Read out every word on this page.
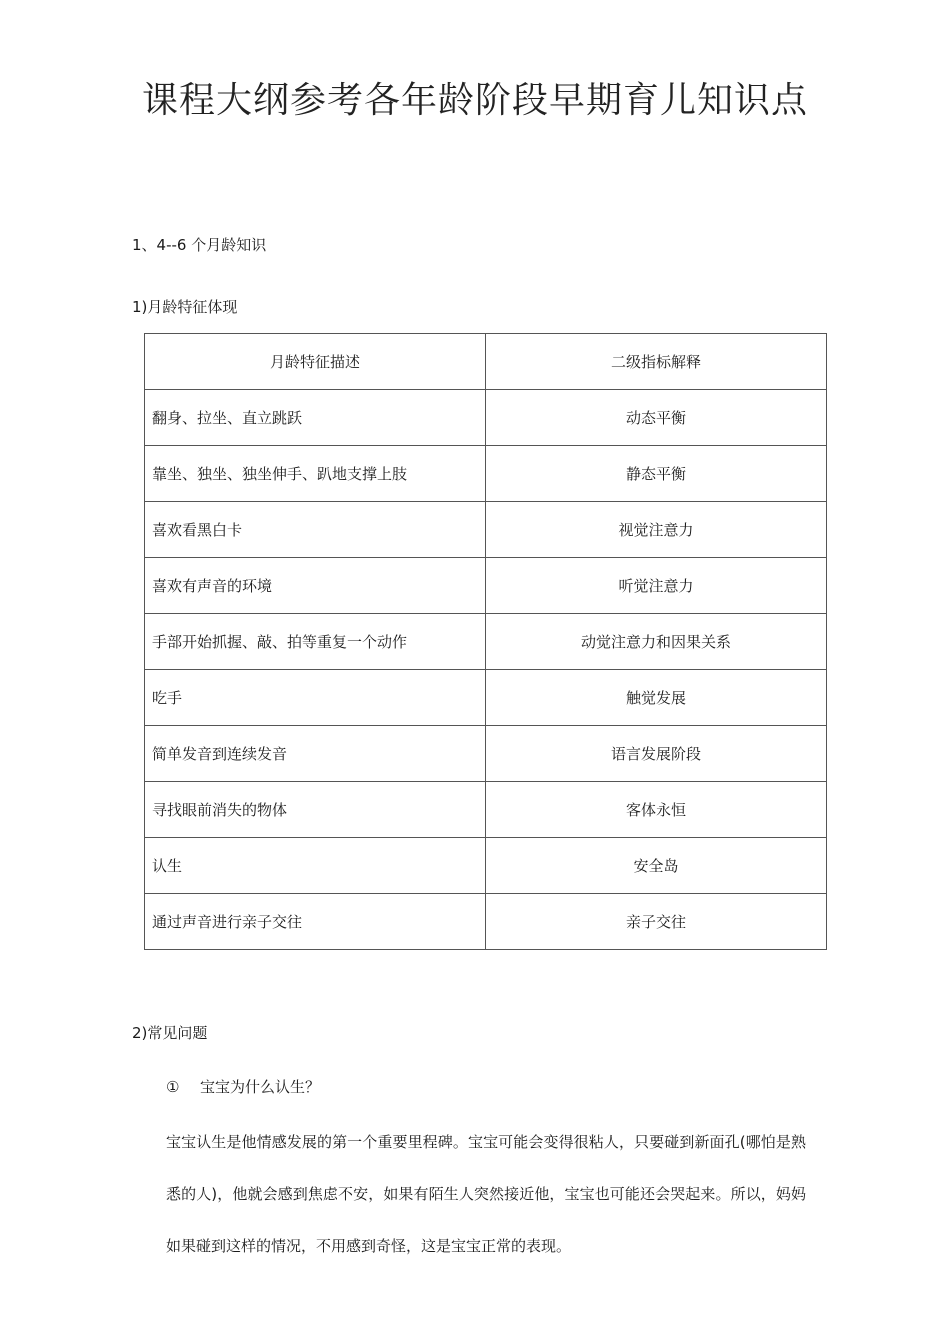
课程大纲参考各年龄阶段早期育儿知识点

1、4--6 个月龄知识

1)月龄特征体现

月龄特征描述	二级指标解释
翻身、拉坐、直立跳跃	动态平衡
靠坐、独坐、独坐伸手、趴地支撑上肢	静态平衡
喜欢看黑白卡	视觉注意力
喜欢有声音的环境	听觉注意力
手部开始抓握、敲、拍等重复一个动作	动觉注意力和因果关系
吃手	触觉发展
简单发音到连续发音	语言发展阶段
寻找眼前消失的物体	客体永恒
认生	安全岛
通过声音进行亲子交往	亲子交往

2)常见问题

① 宝宝为什么认生？

宝宝认生是他情感发展的第一个重要里程碑。宝宝可能会变得很粘人，只要碰到新面孔(哪怕是熟悉的人)，他就会感到焦虑不安，如果有陌生人突然接近他，宝宝也可能还会哭起来。所以，妈妈如果碰到这样的情况，不用感到奇怪，这是宝宝正常的表现。
